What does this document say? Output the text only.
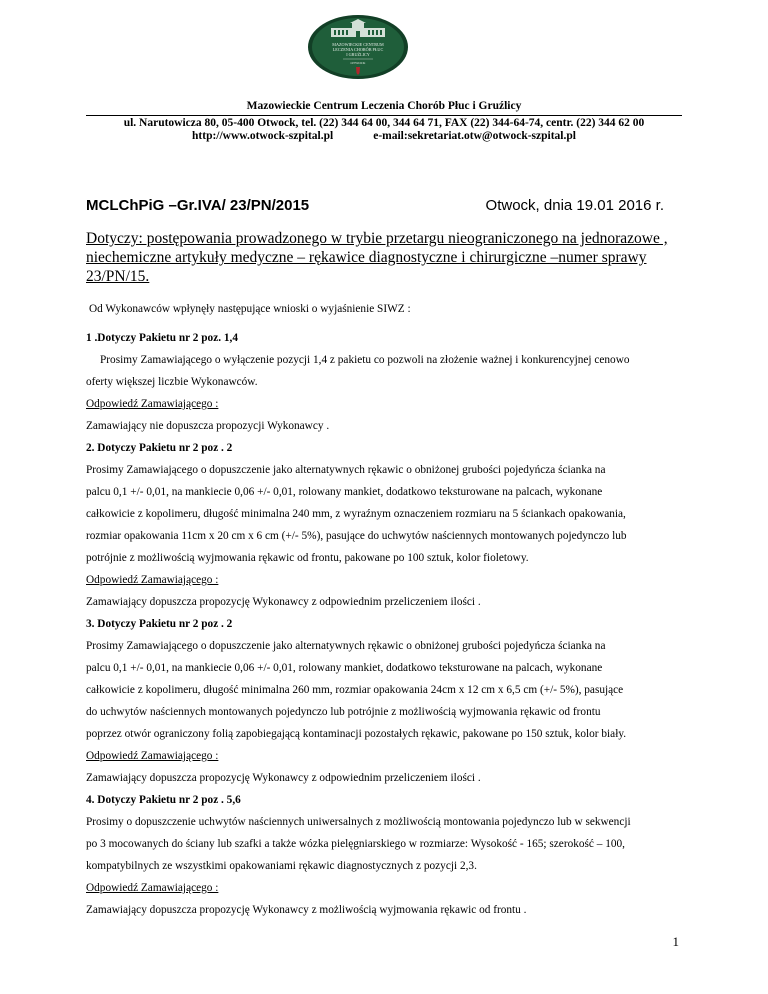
MAZOWIECKIE CENTRUM
LECZENIA CHORÓB PŁUC
I GRUŹLICY
OTWOCK
Mazowieckie Centrum Leczenia Chorób Płuc i Gruźlicy
ul. Narutowicza 80, 05-400 Otwock, tel. (22) 344 64 00, 344 64 71, FAX (22) 344-64-74, centr. (22) 344 62 00
http://www.otwock-szpital.pl	e-mail:sekretariat.otw@otwock-szpital.pl
MCLChPiG –Gr.IVA/ 23/PN/2015	Otwock, dnia 19.01 2016 r.
Dotyczy: postępowania prowadzonego w trybie przetargu nieograniczonego na jednorazowe ,
niechemiczne artykuły medyczne – rękawice diagnostyczne i chirurgiczne –numer sprawy 23/PN/15.
Od Wykonawców wpłynęły następujące wnioski o wyjaśnienie SIWZ :
1 .Dotyczy Pakietu nr 2 poz. 1,4
Prosimy Zamawiającego o wyłączenie pozycji 1,4 z pakietu co pozwoli na złożenie ważnej i konkurencyjnej cenowo
oferty większej liczbie Wykonawców.
Odpowiedź Zamawiającego :
Zamawiający nie dopuszcza propozycji Wykonawcy .
2. Dotyczy Pakietu nr 2 poz . 2
Prosimy Zamawiającego o dopuszczenie jako alternatywnych rękawic o obniżonej grubości pojedyńcza ścianka na
palcu 0,1 +/- 0,01, na mankiecie 0,06 +/- 0,01, rolowany mankiet, dodatkowo teksturowane na palcach, wykonane
całkowicie z kopolimeru, długość minimalna 240 mm, z wyraźnym oznaczeniem rozmiaru na 5 ściankach opakowania,
rozmiar opakowania 11cm x 20 cm x 6 cm (+/- 5%), pasujące do uchwytów naściennych montowanych pojedynczo lub
potrójnie z możliwością wyjmowania rękawic od frontu, pakowane po 100 sztuk, kolor fioletowy.
Odpowiedź Zamawiającego :
Zamawiający dopuszcza propozycję Wykonawcy z odpowiednim przeliczeniem ilości .
3. Dotyczy Pakietu nr 2 poz . 2
Prosimy Zamawiającego o dopuszczenie jako alternatywnych rękawic o obniżonej grubości pojedyńcza ścianka na
palcu 0,1 +/- 0,01, na mankiecie 0,06 +/- 0,01, rolowany mankiet, dodatkowo teksturowane na palcach, wykonane
całkowicie z kopolimeru, długość minimalna 260 mm, rozmiar opakowania 24cm x 12 cm x 6,5 cm (+/- 5%), pasujące
do uchwytów naściennych montowanych pojedynczo lub potrójnie z możliwością wyjmowania rękawic od frontu
poprzez otwór ograniczony folią zapobiegającą kontaminacji pozostałych rękawic, pakowane po 150 sztuk, kolor biały.
Odpowiedź Zamawiającego :
Zamawiający dopuszcza propozycję Wykonawcy z odpowiednim przeliczeniem ilości .
4. Dotyczy Pakietu nr 2 poz . 5,6
Prosimy o dopuszczenie uchwytów naściennych uniwersalnych z możliwością montowania pojedynczo lub w sekwencji
po 3 mocowanych do ściany lub szafki a także wózka pielęgniarskiego w rozmiarze: Wysokość - 165; szerokość – 100,
kompatybilnych ze wszystkimi opakowaniami rękawic diagnostycznych z pozycji 2,3.
Odpowiedź Zamawiającego :
Zamawiający dopuszcza propozycję Wykonawcy z możliwością wyjmowania rękawic od frontu .
1
